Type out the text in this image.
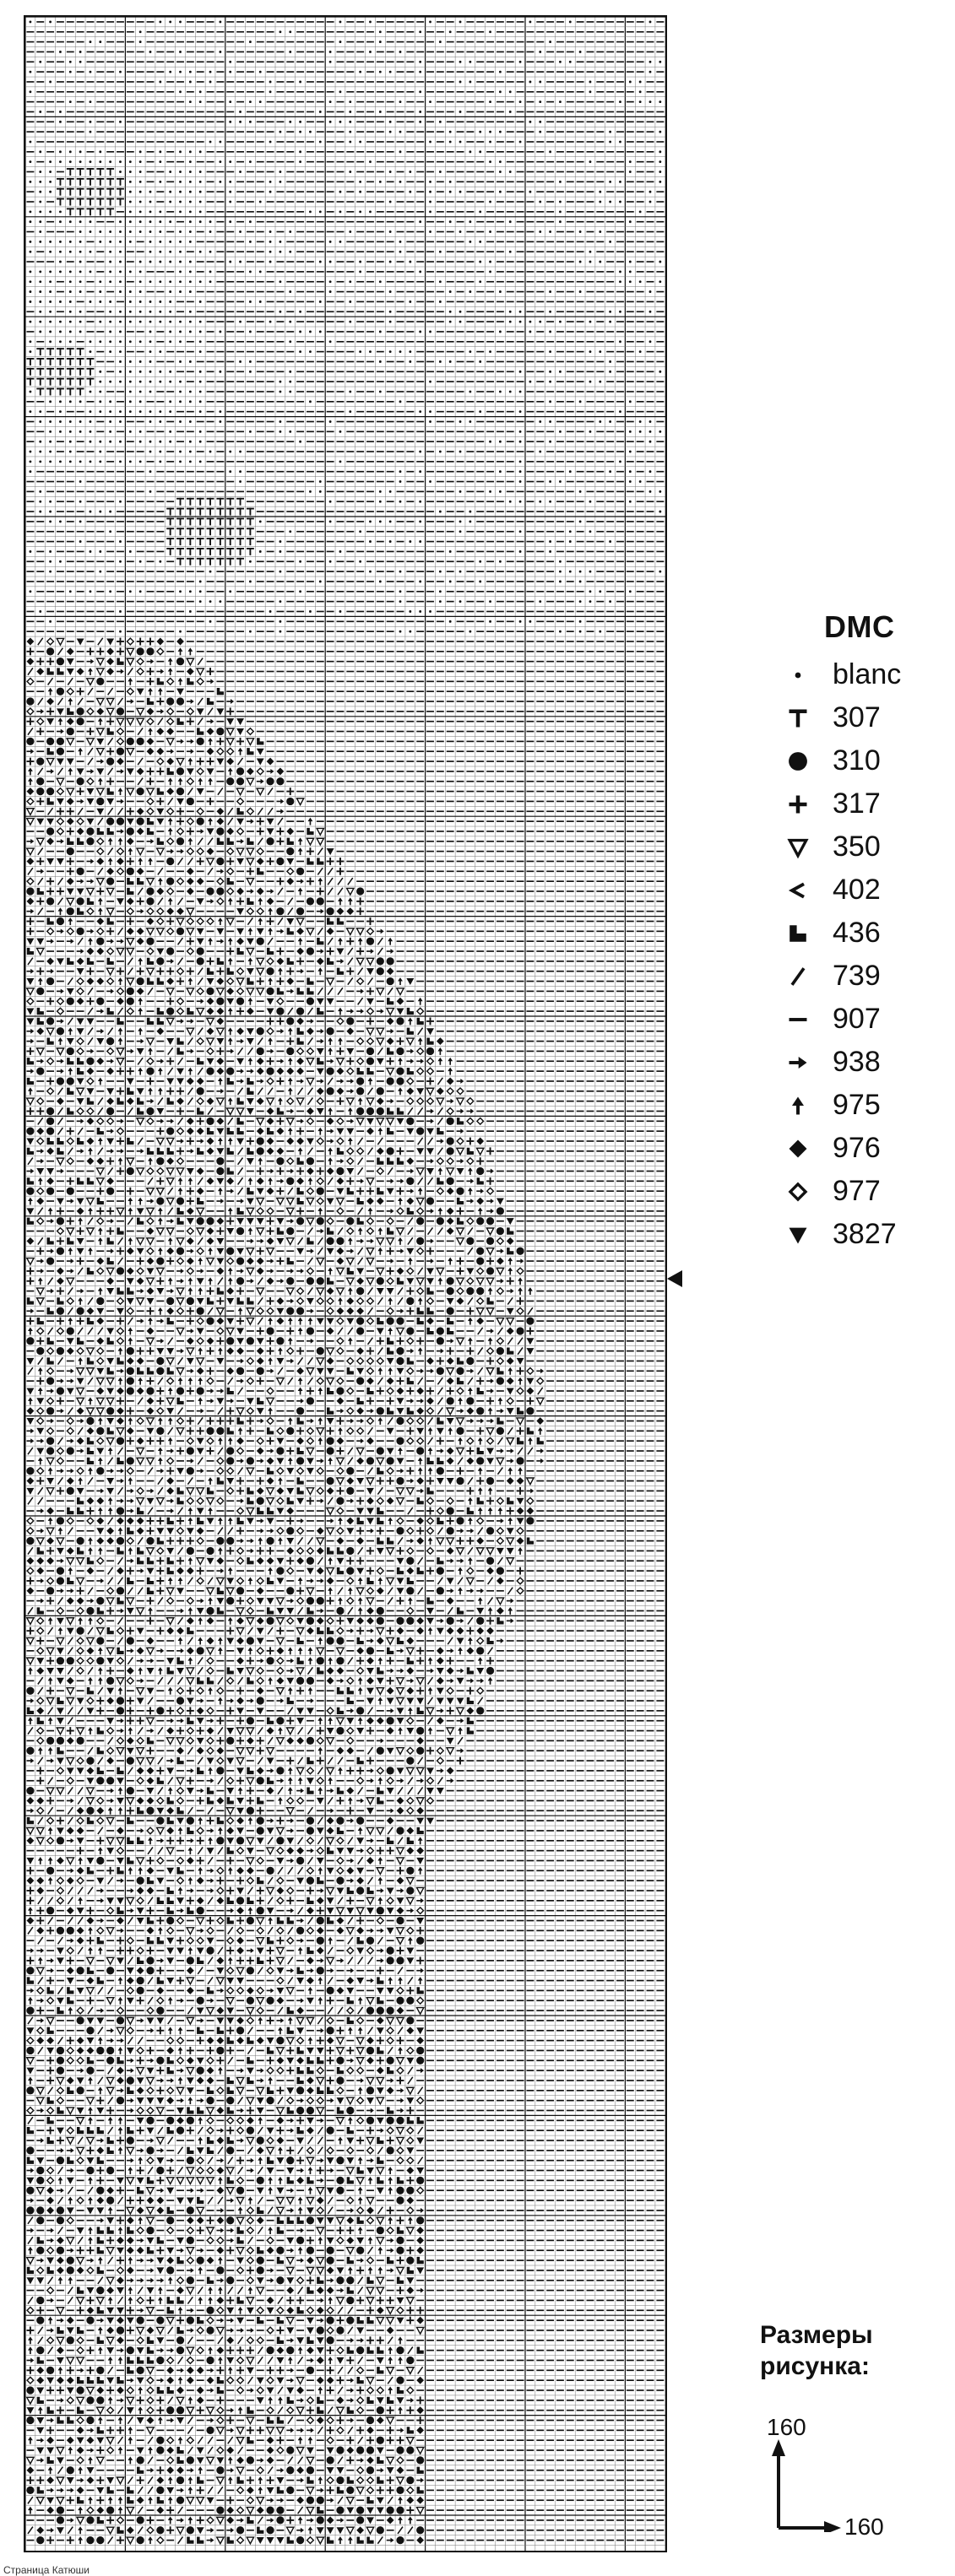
DMC
blanc
307
310
317
350
402
436
739
907
938
975
976
977
3827
Размеры
рисунка:
160
160
Страница Катюши
